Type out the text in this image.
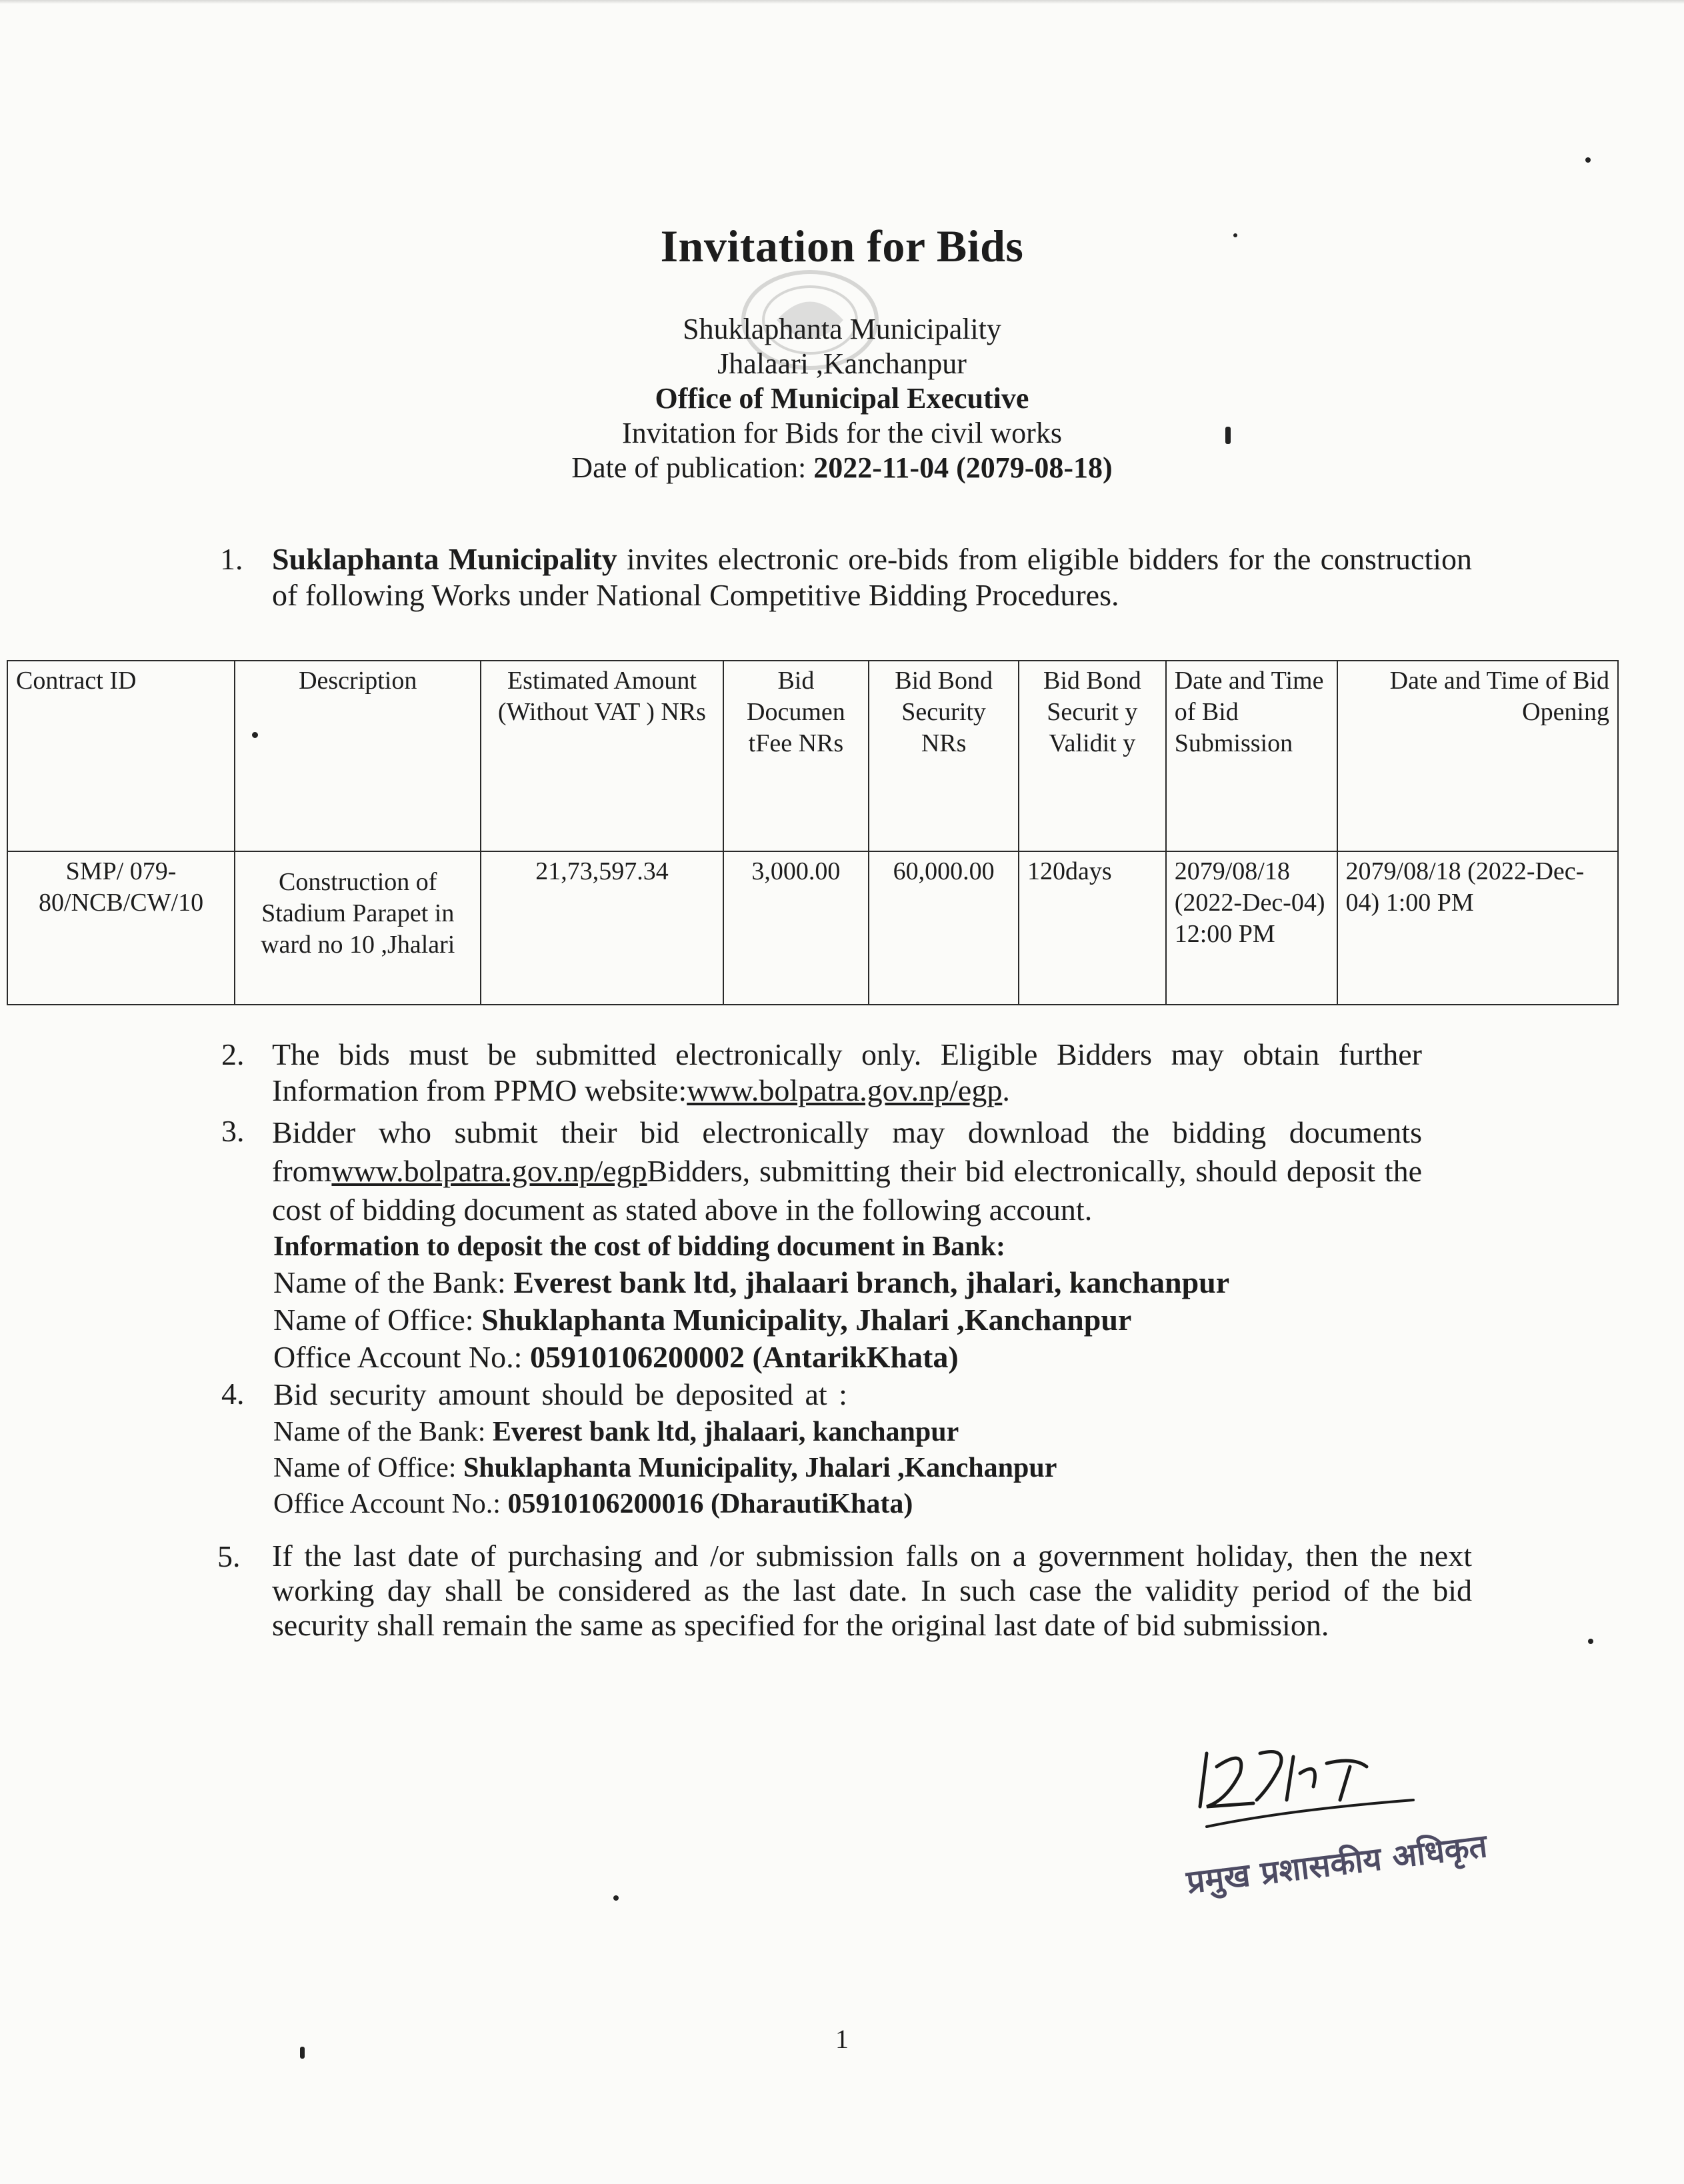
Invitation for Bids
Shuklaphanta Municipality
Jhalaari ,Kanchanpur
Office of Municipal Executive
Invitation for Bids for the civil works
Date of publication: 2022-11-04 (2079-08-18)
1. Suklaphanta Municipality invites electronic ore-bids from eligible bidders for the construction of following Works under National Competitive Bidding Procedures.
Contract ID	Description	Estimated Amount (Without VAT ) NRs	Bid Documen tFee NRs	Bid Bond Security NRs	Bid Bond Securit y Validit y	Date and Time of Bid Submission	Date and Time of Bid Opening
SMP/ 079-80/NCB/CW/10	Construction of Stadium Parapet in ward no 10 ,Jhalari	21,73,597.34	3,000.00	60,000.00	120days	2079/08/18 (2022-Dec-04) 12:00 PM	2079/08/18 (2022-Dec-04) 1:00 PM
2. The bids must be submitted electronically only. Eligible Bidders may obtain further Information from PPMO website:www.bolpatra.gov.np/egp.
3. Bidder who submit their bid electronically may download the bidding documents fromwww.bolpatra.gov.np/egpBidders, submitting their bid electronically, should deposit the cost of bidding document as stated above in the following account.
Information to deposit the cost of bidding document in Bank:
Name of the Bank: Everest bank ltd, jhalaari branch, jhalari, kanchanpur
Name of Office: Shuklaphanta Municipality, Jhalari ,Kanchanpur
Office Account No.: 05910106200002 (AntarikKhata)
4. Bid security amount should be deposited at :
Name of the Bank: Everest bank ltd, jhalaari, kanchanpur
Name of Office: Shuklaphanta Municipality, Jhalari ,Kanchanpur
Office Account No.: 05910106200016 (DharautiKhata)
5. If the last date of purchasing and /or submission falls on a government holiday, then the next working day shall be considered as the last date. In such case the validity period of the bid security shall remain the same as specified for the original last date of bid submission.
प्रमुख प्रशासकीय अधिकृत
1
